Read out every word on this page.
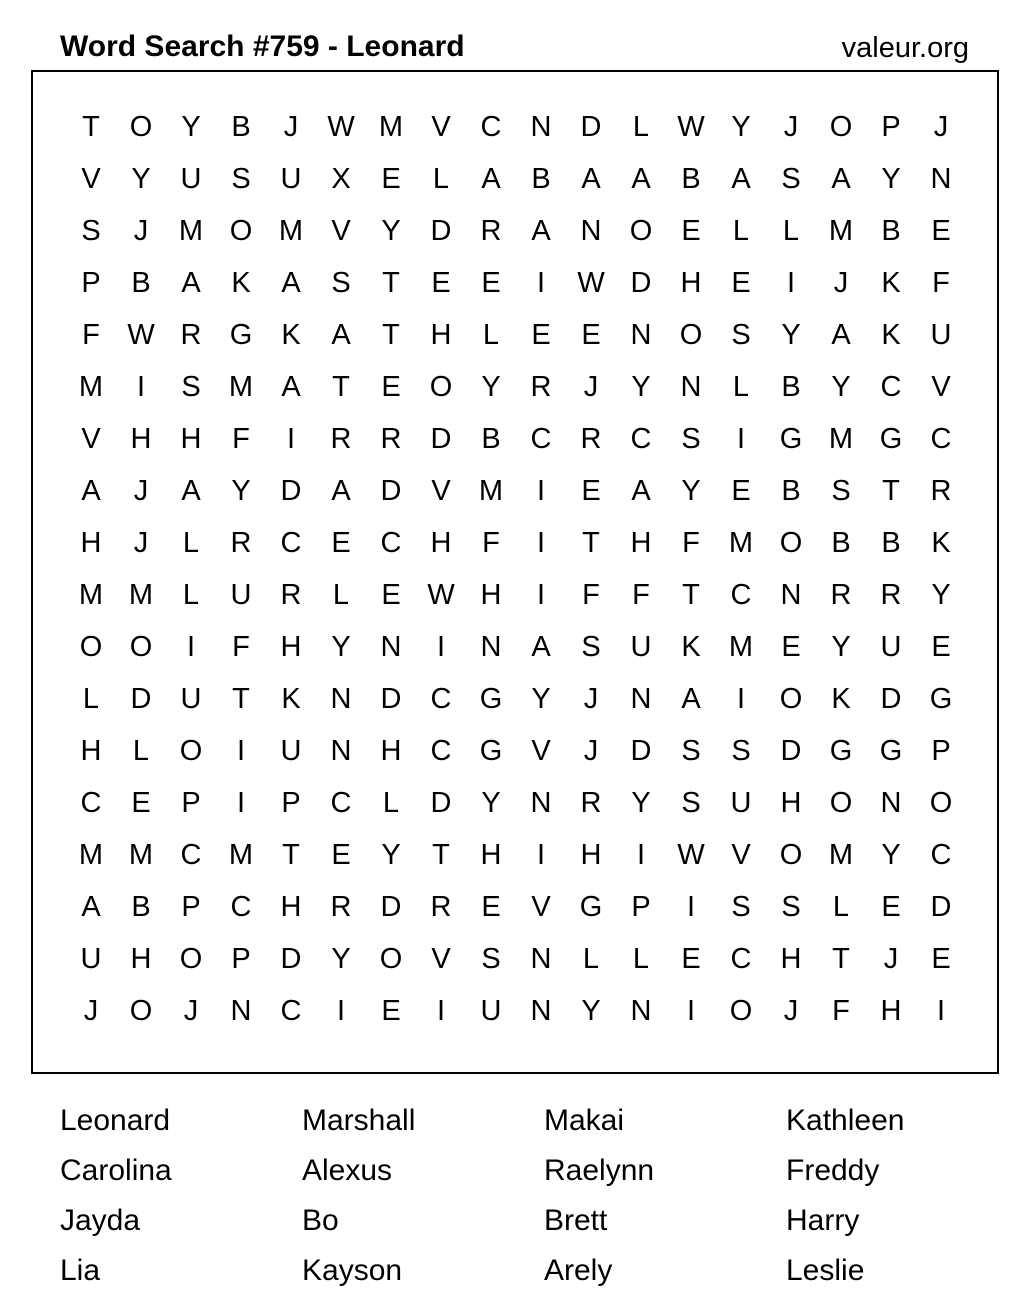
Word Search #759 - Leonard	valeur.org
T	O	Y	B	J	W M V	C	N	D	L W Y	J	O	P	J
V	Y	U	S	U	X	E	L	A	B	A	A	B	A	S	A	Y	N
S	J	M O M V	Y	D	R	A	N O	E	L	L	M B	E
P	B	A	K	A	S	T	E	E	I	W D	H	E	I	J	K	F
F W R G	K	A	T	H	L	E	E	N O	S	Y	A	K	U
M	I	S M A	T	E	O	Y	R	J	Y	N	L	B	Y	C	V
V	H	H	F	I	R	R	D	B	C	R	C	S	I	G M G C
A	J	A	Y	D	A	D	V M	I	E	A	Y	E	B	S	T	R
H	J	L	R	C	E	C	H	F	I	T	H	F	M O	B	B	K
M M	L	U	R	L	E W H	I	F	F	T	C	N	R	R	Y
O O	I	F	H	Y	N	I	N	A	S	U	K M E	Y	U	E
L	D	U	T	K	N	D	C G	Y	J	N	A	I	O	K	D G
H	L	O	I	U	N	H	C G	V	J	D	S	S	D G G	P
C	E	P	I	P	C	L	D	Y	N	R	Y	S	U	H O N O
M M C M	T	E	Y	T	H	I	H	I	W V	O M Y	C
A	B	P	C	H	R	D	R	E	V	G	P	I	S	S	L	E	D
U	H O	P	D	Y	O	V	S	N	L	L	E	C	H	T	J	E
J	O	J	N	C	I	E	I	U	N	Y	N	I	O	J	F	H	I
Leonard	Marshall	Makai	Kathleen
Carolina	Alexus	Raelynn	Freddy
Jayda	Bo	Brett	Harry
Lia	Kayson	Arely	Leslie
